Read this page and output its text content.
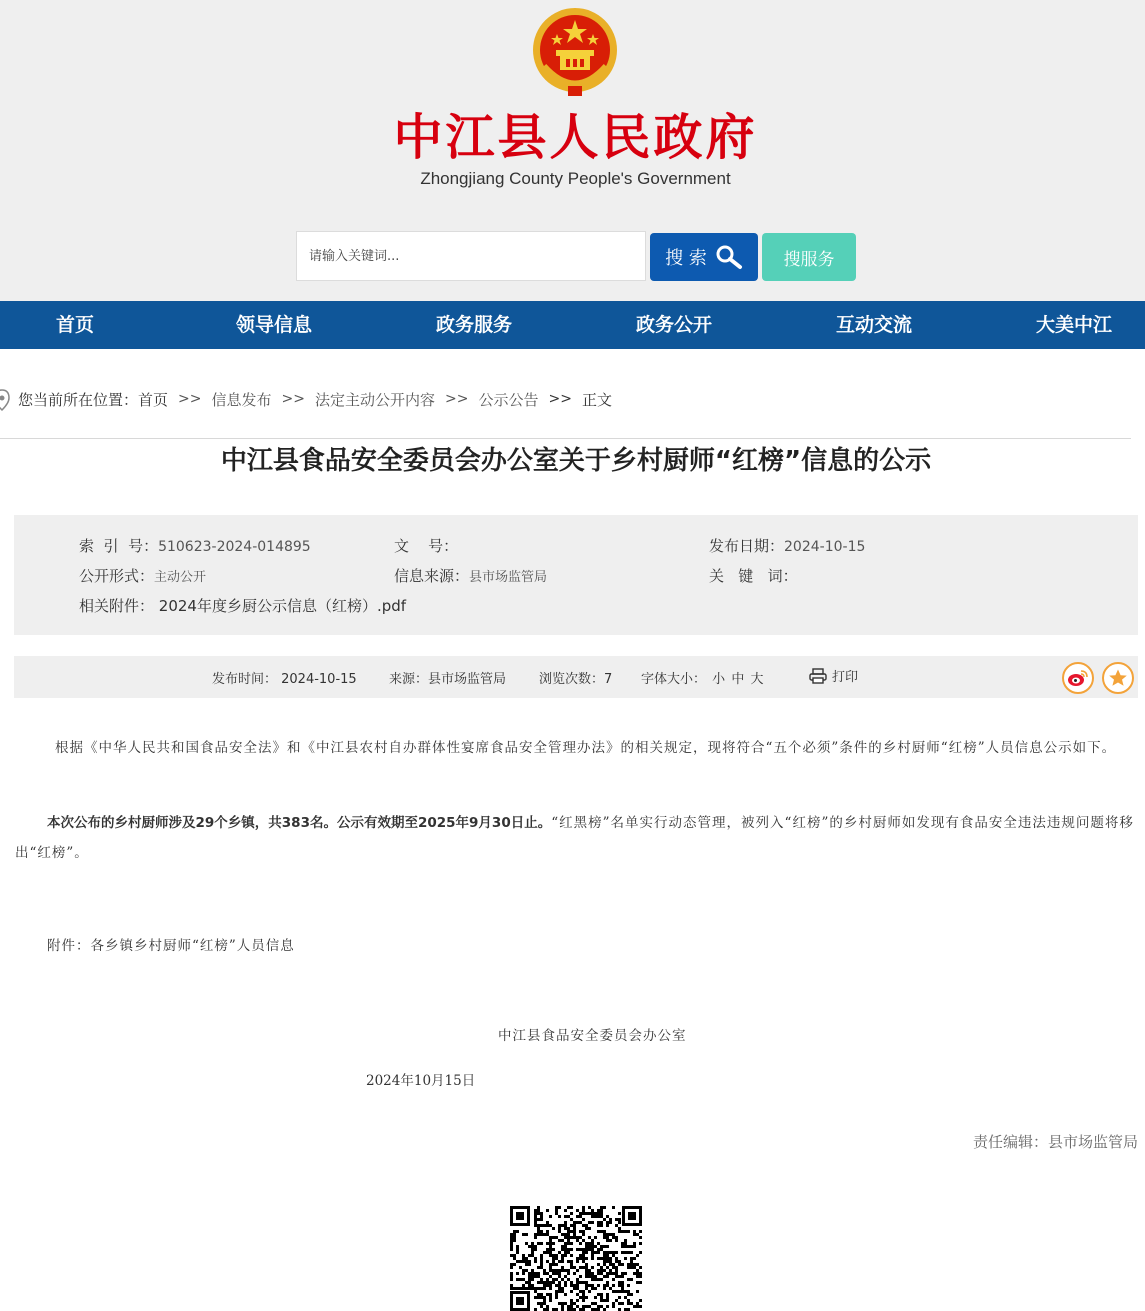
中江县人民政府
Zhongjiang County People's Government
请输入关键词...
搜 索	搜服务
首页	领导信息	政务服务	政务公开	互动交流	大美中江
您当前所在位置： 首页 >> 信息发布 >> 法定主动公开内容 >> 公示公告 >> 正文
中江县食品安全委员会办公室关于乡村厨师“红榜”信息的公示
索  引  号：510623-2024-014895	文    号：	发布日期：2024-10-15
公开形式：主动公开	信息来源：县市场监管局	关   键   词：
相关附件： 2024年度乡厨公示信息（红榜）.pdf
发布时间： 2024-10-15 来源：县市场监管局	浏览次数：7 字体大小： 小 中 大	打印
根据《中华人民共和国食品安全法》和《中江县农村自办群体性宴席食品安全管理办法》的相关规定，现将符合“五个必须”条件的乡村厨师“红榜”人员信息公示如下。
本次公布的乡村厨师涉及29个乡镇，共383名。公示有效期至2025年9月30日止。“红黑榜”名单实行动态管理，被列入“红榜”的乡村厨师如发现有食品安全违法违规问题将移出“红榜”。
附件：各乡镇乡村厨师“红榜”人员信息
中江县食品安全委员会办公室
2024年10月15日
责任编辑：县市场监管局
